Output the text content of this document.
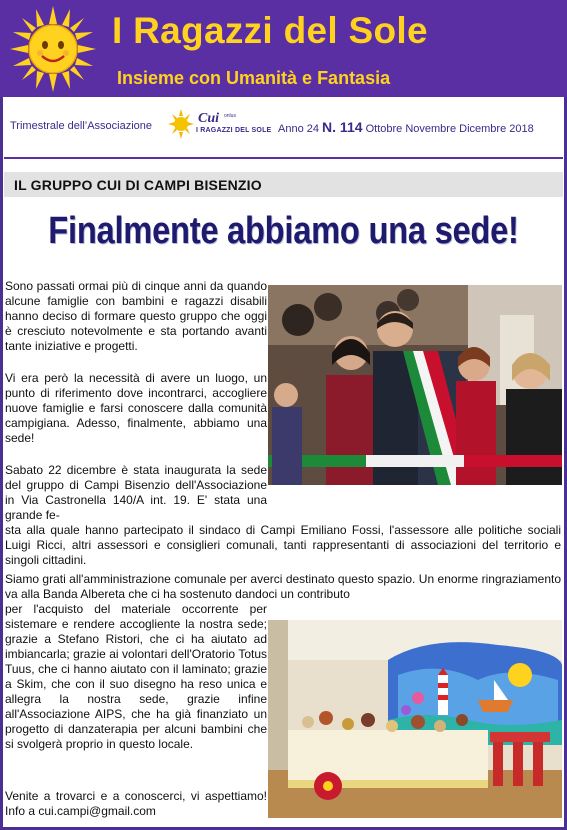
I Ragazzi del Sole
Insieme con Umanità e Fantasia
Trimestrale dell’Associazione	Cui onlus
I RAGAZZI DEL SOLE Anno 24 N. 114 Ottobre Novembre Dicembre 2018
IL GRUPPO CUI DI CAMPI BISENZIO
Finalmente abbiamo una sede!

Sono passati ormai più di cinque anni da quando alcune famiglie con bambini e ragazzi disabili hanno deciso di formare questo gruppo che oggi è cresciuto notevolmente e sta portando avanti tante iniziative e progetti.

Vi era però la necessità di avere un luogo, un punto di riferimento dove incontrarci, accogliere nuove famiglie e farsi conoscere dalla comunità campigiana. Adesso, finalmente, abbiamo una sede!

Sabato 22 dicembre è stata inaugurata la sede del gruppo di Campi Bisenzio dell'Associazione in Via Castronella 140/A int. 19. E' stata una grande fe-

sta alla quale hanno partecipato il sindaco di Campi Emiliano Fossi, l'assessore alle politiche sociali Luigi Ricci, altri assessori e consiglieri comunali, tanti rappresentanti di associazioni del territorio e singoli cittadini.

Siamo grati all'amministrazione comunale per averci destinato questo spazio. Un enorme ringraziamento va alla Banda Albereta che ci ha sostenuto dandoci un contributo

per l'acquisto del materiale occorrente per sistemare e rendere accogliente la nostra sede; grazie a Stefano Ristori, che ci ha aiutato ad imbiancarla; grazie ai volontari dell'Oratorio Totus Tuus, che ci hanno aiutato con il laminato; grazie a Skim, che con il suo disegno ha reso unica e allegra la nostra sede, grazie infine all'Associazione AIPS, che ha già finanziato un progetto di danzaterapia per alcuni bambini che si svolgerà proprio in questo locale.

Venite a trovarci e a conoscerci, vi aspettiamo! Info a cui.campi@gmail.com
